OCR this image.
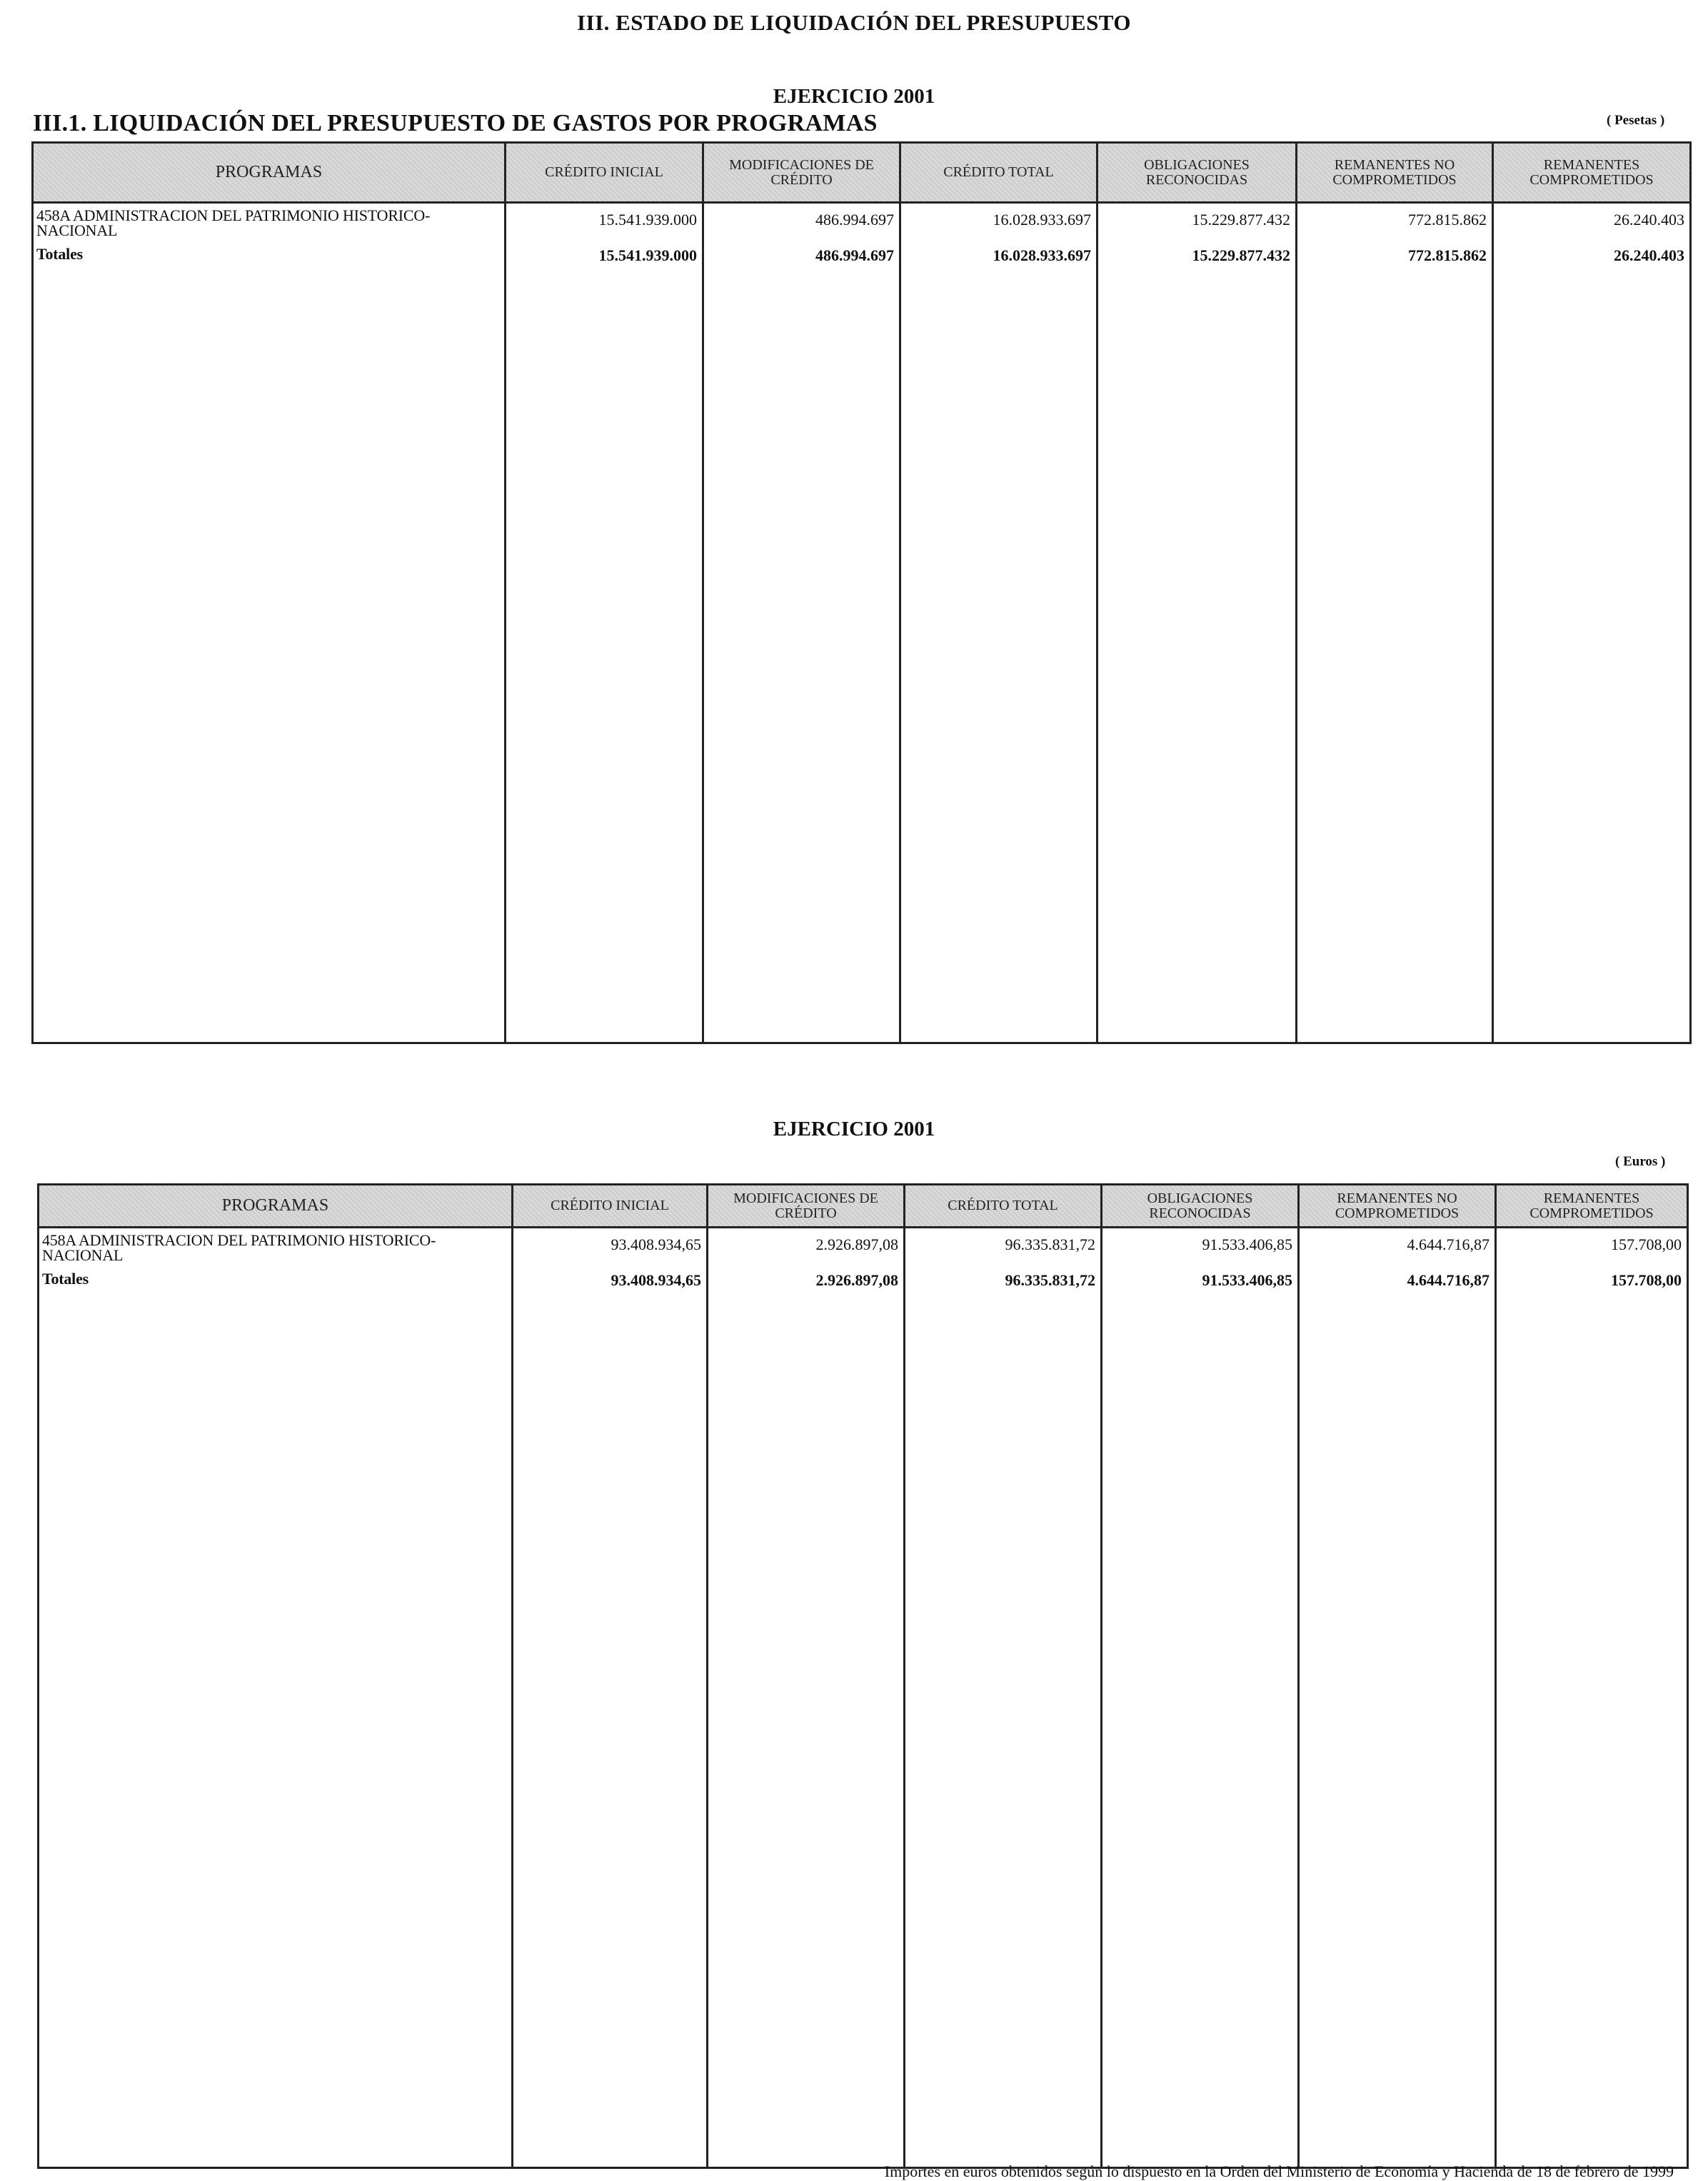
III. ESTADO DE LIQUIDACIÓN DEL PRESUPUESTO
EJERCICIO 2001
III.1. LIQUIDACIÓN DEL PRESUPUESTO DE GASTOS POR PROGRAMAS	( Pesetas )
PROGRAMAS	CRÉDITO INICIAL	MODIFICACIONES DE CRÉDITO	CRÉDITO TOTAL	OBLIGACIONES RECONOCIDAS	REMANENTES NO COMPROMETIDOS	REMANENTES COMPROMETIDOS
458A ADMINISTRACION DEL PATRIMONIO HISTORICO-NACIONAL	15.541.939.000	486.994.697	16.028.933.697	15.229.877.432	772.815.862	26.240.403
Totales	15.541.939.000	486.994.697	16.028.933.697	15.229.877.432	772.815.862	26.240.403

EJERCICIO 2001
( Euros )
PROGRAMAS	CRÉDITO INICIAL	MODIFICACIONES DE CRÉDITO	CRÉDITO TOTAL	OBLIGACIONES RECONOCIDAS	REMANENTES NO COMPROMETIDOS	REMANENTES COMPROMETIDOS
458A ADMINISTRACION DEL PATRIMONIO HISTORICO-NACIONAL	93.408.934,65	2.926.897,08	96.335.831,72	91.533.406,85	4.644.716,87	157.708,00
Totales	93.408.934,65	2.926.897,08	96.335.831,72	91.533.406,85	4.644.716,87	157.708,00

Importes en euros obtenidos según lo dispuesto en la Orden del Ministerio de Economía y Hacienda de 18 de febrero de 1999
